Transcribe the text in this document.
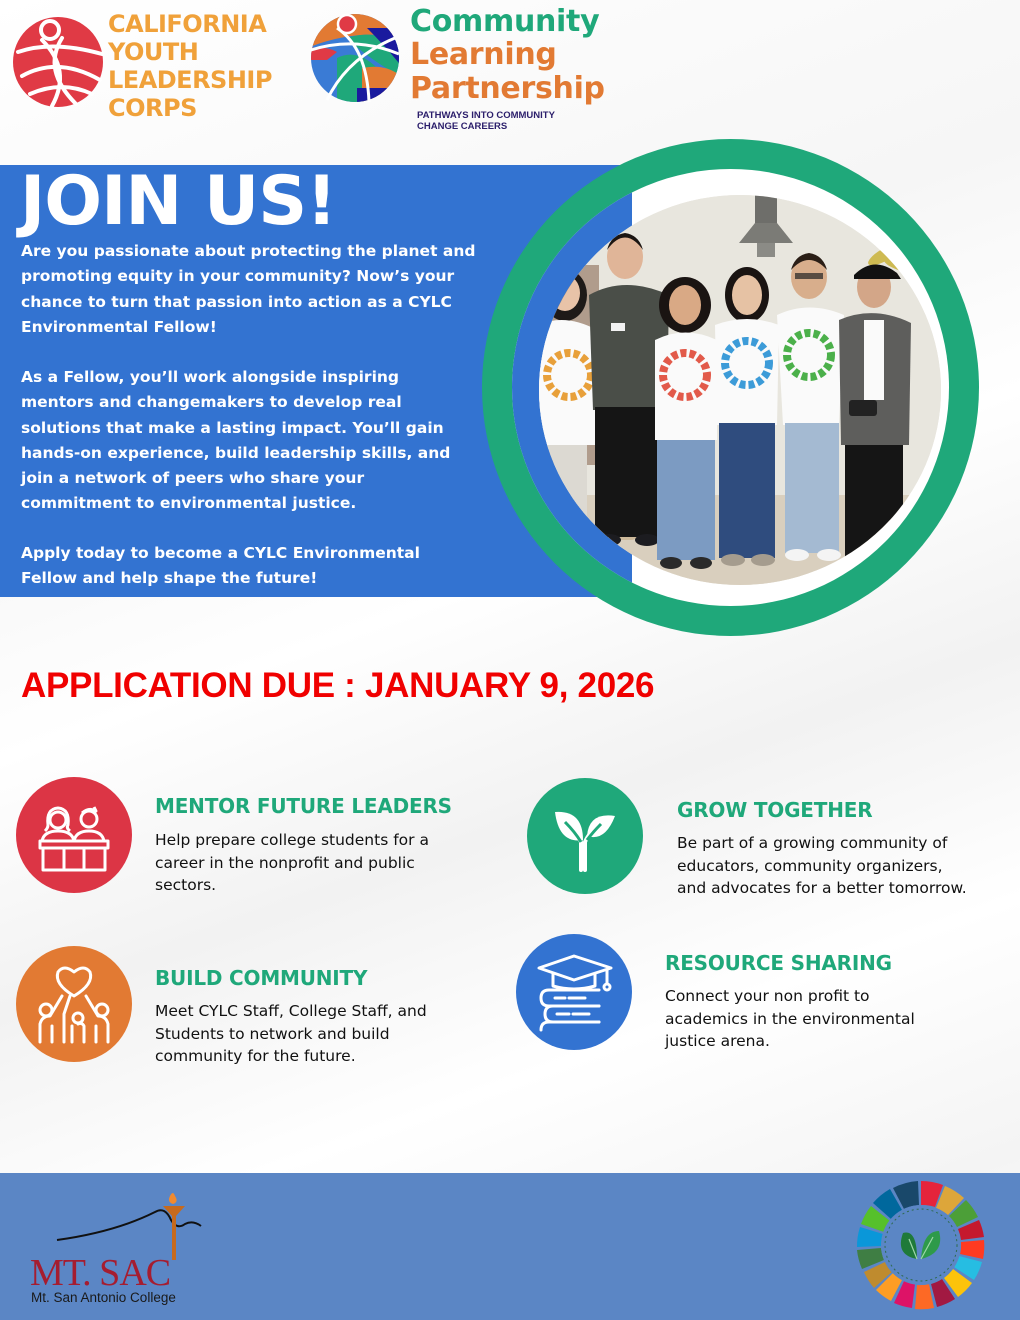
CALIFORNIA
YOUTH
LEADERSHIP
CORPS
Community
Learning
Partnership
PATHWAYS INTO COMMUNITY
CHANGE CAREERS
JOIN US!
Are you passionate about protecting the planet and
promoting equity in your community? Now’s your
chance to turn that passion into action as a CYLC
Environmental Fellow!
As a Fellow, you’ll work alongside inspiring
mentors and changemakers to develop real
solutions that make a lasting impact. You’ll gain
hands-on experience, build leadership skills, and
join a network of peers who share your
commitment to environmental justice.
Apply today to become a CYLC Environmental
Fellow and help shape the future!
APPLICATION DUE : JANUARY 9, 2026
MENTOR FUTURE LEADERS
Help prepare college students for a
career in the nonprofit and public
sectors.
GROW TOGETHER
Be part of a growing community of
educators, community organizers,
and advocates for a better tomorrow.
BUILD COMMUNITY
Meet CYLC Staff, College Staff, and
Students to network and build
community for the future.
RESOURCE SHARING
Connect your non profit to
academics in the environmental
justice arena.
MT. SAC
Mt. San Antonio College
